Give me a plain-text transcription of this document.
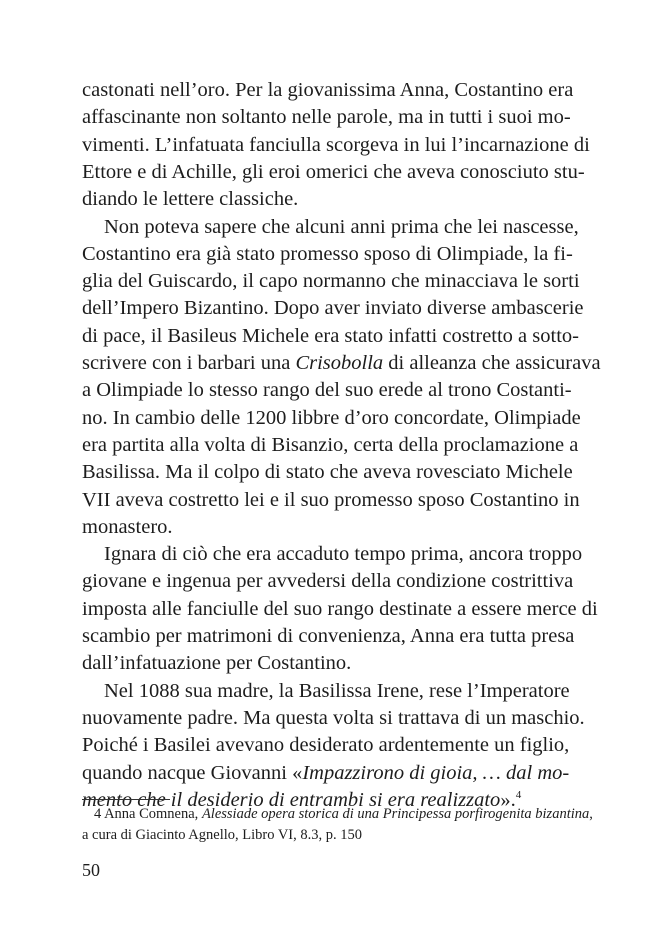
castonati nell’oro. Per la giovanissima Anna, Costantino era
affascinante non soltanto nelle parole, ma in tutti i suoi mo-
vimenti. L’infatuata fanciulla scorgeva in lui l’incarnazione di
Ettore e di Achille, gli eroi omerici che aveva conosciuto stu-
diando le lettere classiche.
Non poteva sapere che alcuni anni prima che lei nascesse,
Costantino era già stato promesso sposo di Olimpiade, la fi-
glia del Guiscardo, il capo normanno che minacciava le sorti
dell’Impero Bizantino. Dopo aver inviato diverse ambascerie
di pace, il Basileus Michele era stato infatti costretto a sotto-
scrivere con i barbari una Crisobolla di alleanza che assicurava
a Olimpiade lo stesso rango del suo erede al trono Costanti-
no. In cambio delle 1200 libbre d’oro concordate, Olimpiade
era partita alla volta di Bisanzio, certa della proclamazione a
Basilissa. Ma il colpo di stato che aveva rovesciato Michele
VII aveva costretto lei e il suo promesso sposo Costantino in
monastero.
Ignara di ciò che era accaduto tempo prima, ancora troppo
giovane e ingenua per avvedersi della condizione costrittiva
imposta alle fanciulle del suo rango destinate a essere merce di
scambio per matrimoni di convenienza, Anna era tutta presa
dall’infatuazione per Costantino.
Nel 1088 sua madre, la Basilissa Irene, rese l’Imperatore
nuovamente padre. Ma questa volta si trattava di un maschio.
Poiché i Basilei avevano desiderato ardentemente un figlio,
quando nacque Giovanni «Impazzirono di gioia, … dal mo-
mento che il desiderio di entrambi si era realizzato».$^4$
4 Anna Comnena, Alessiade opera storica di una Principessa porfirogenita bizantina,
a cura di Giacinto Agnello, Libro VI, 8.3, p. 150
50
